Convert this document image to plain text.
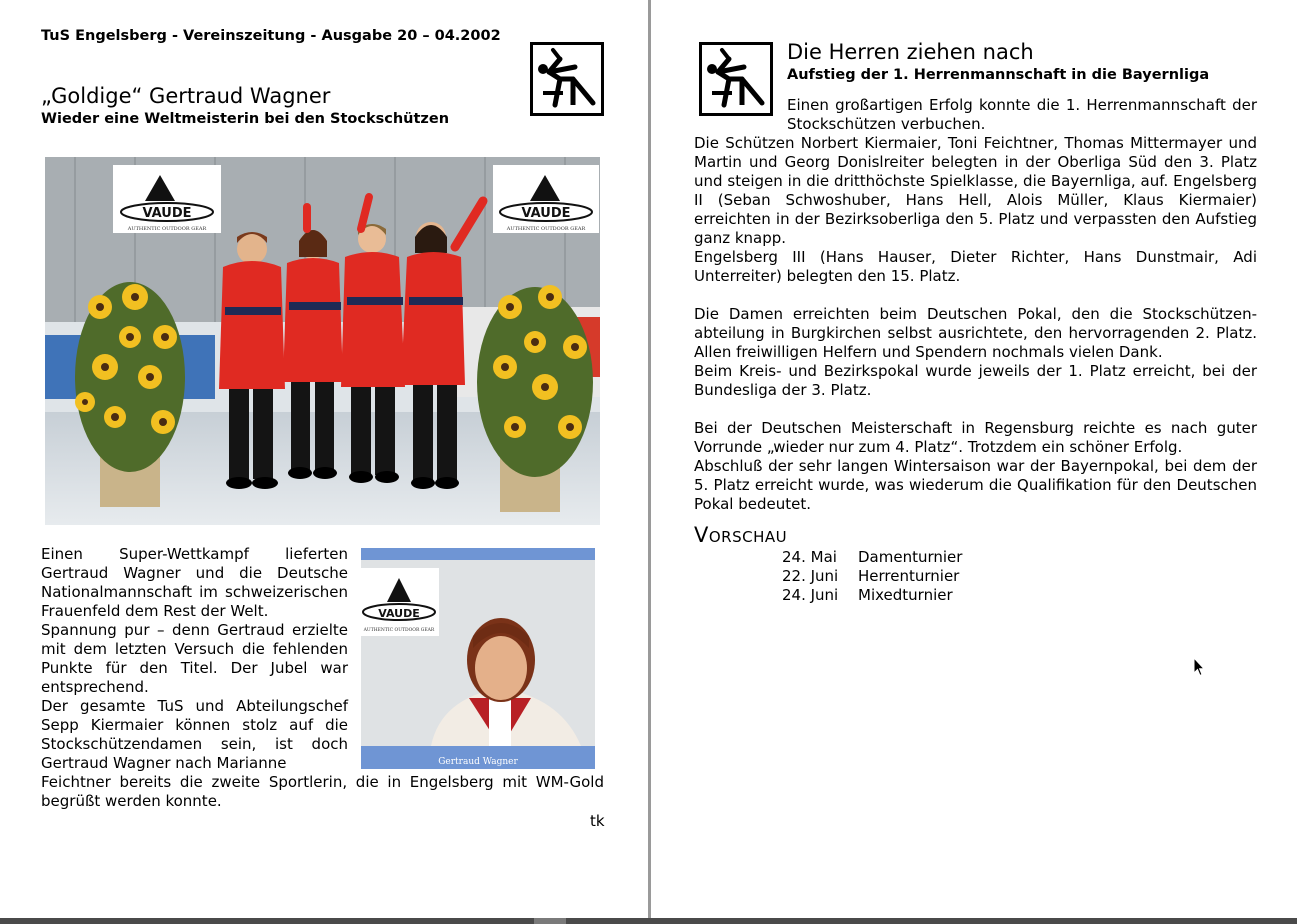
TuS Engelsberg - Vereinszeitung - Ausgabe 20 – 04.2002
„Goldige“ Gertraud Wagner
Wieder eine Weltmeisterin bei den Stockschützen
VAUDE
AUTHENTIC OUTDOOR GEAR
VAUDE
AUTHENTIC OUTDOOR GEAR

Einen Super-Wettkampf lieferten Gertraud Wagner und die Deutsche Nationalmannschaft im schweizerischen Frauenfeld dem Rest der Welt.

Spannung pur – denn Gertraud erzielte mit dem letzten Versuch die fehlenden Punkte für den Titel. Der Jubel war entsprechend.

Der gesamte TuS und Abteilungschef Sepp Kiermaier können stolz auf die Stockschützendamen sein, ist doch Gertraud Wagner nach Marianne

Feichtner bereits die zweite Sportlerin, die in Engelsberg mit WM-Gold begrüßt werden konnte.

VAUDE
AUTHENTIC OUTDOOR GEAR
Gertraud Wagner
tk
Die Herren ziehen nach
Aufstieg der 1. Herrenmannschaft in die Bayernliga

Einen großartigen Erfolg konnte die 1. Herrenmannschaft der Stockschützen verbuchen.

Die Schützen Norbert Kiermaier, Toni Feichtner, Thomas Mittermayer und Martin und Georg Donislreiter belegten in der Oberliga Süd den 3. Platz und steigen in die dritthöchste Spielklasse, die Bayernliga, auf. Engelsberg II (Seban Schwoshuber, Hans Hell, Alois Müller, Klaus Kiermaier) erreichten in der Bezirksoberliga den 5. Platz und verpassten den Aufstieg ganz knapp.

Engelsberg III (Hans Hauser, Dieter Richter, Hans Dunstmair, Adi Unterreiter) belegten den 15. Platz.

Die Damen erreichten beim Deutschen Pokal, den die Stockschützen-abteilung in Burgkirchen selbst ausrichtete, den hervorragenden 2. Platz. Allen freiwilligen Helfern und Spendern nochmals vielen Dank.

Beim Kreis- und Bezirkspokal wurde jeweils der 1. Platz erreicht, bei der Bundesliga der 3. Platz.

Bei der Deutschen Meisterschaft in Regensburg reichte es nach guter Vorrunde „wieder nur zum 4. Platz“. Trotzdem ein schöner Erfolg.

Abschluß der sehr langen Wintersaison war der Bayernpokal, bei dem der 5. Platz erreicht wurde, was wiederum die Qualifikation für den Deutschen Pokal bedeutet.

Vorschau
24. Mai	Damenturnier
22. Juni	Herrenturnier
24. Juni	Mixedturnier
